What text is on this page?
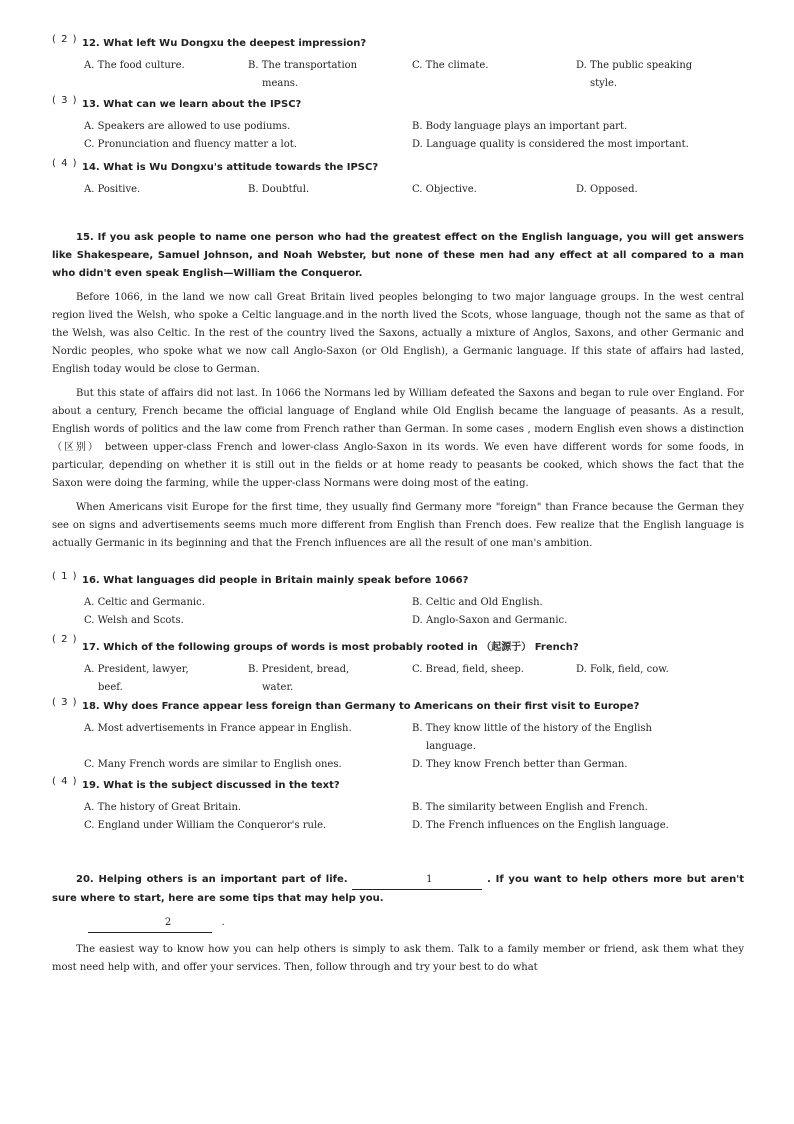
( 2 ) 12. What left Wu Dongxu the deepest impression?

A. The food culture.	B. The transportation
means.
C. The climate.	D. The public speaking
style.

( 3 ) 13. What can we learn about the IPSC?

A. Speakers are allowed to use podiums.	B. Body language plays an important part.
C. Pronunciation and fluency matter a lot.	D. Language quality is considered the most important.

( 4 ) 14. What is Wu Dongxu's attitude towards the IPSC?

A. Positive.	B. Doubtful.	C. Objective.	D. Opposed.

15. If you ask people to name one person who had the greatest effect on the English language, you will get answers like Shakespeare, Samuel Johnson, and Noah Webster, but none of these men had any effect at all compared to a man who didn't even speak English—William the Conqueror.

Before 1066, in the land we now call Great Britain lived peoples belonging to two major language groups. In the west central region lived the Welsh, who spoke a Celtic language.and in the north lived the Scots, whose language, though not the same as that of the Welsh, was also Celtic. In the rest of the country lived the Saxons, actually a mixture of Anglos, Saxons, and other Germanic and Nordic peoples, who spoke what we now call Anglo-Saxon (or Old English), a Germanic language. If this state of affairs had lasted, English today would be close to German.

But this state of affairs did not last. In 1066 the Normans led by William defeated the Saxons and began to rule over England. For about a century, French became the official language of England while Old English became the language of peasants. As a result, English words of politics and the law come from French rather than German. In some cases , modern English even shows a distinction （区别） between upper-class French and lower-class Anglo-Saxon in its words. We even have different words for some foods, in particular, depending on whether it is still out in the fields or at home ready to peasants be cooked, which shows the fact that the Saxon were doing the farming, while the upper-class Normans were doing most of the eating.

When Americans visit Europe for the first time, they usually find Germany more "foreign" than France because the German they see on signs and advertisements seems much more different from English than French does. Few realize that the English language is actually Germanic in its beginning and that the French influences are all the result of one man's ambition.

( 1 ) 16. What languages did people in Britain mainly speak before 1066?

A. Celtic and Germanic.	B. Celtic and Old English.
C. Welsh and Scots.	D. Anglo-Saxon and Germanic.

( 2 )
17. Which of the following groups of words is most probably rooted in （起源于） French?

A. President, lawyer,
beef.
B. President, bread,
water.
C. Bread, field, sheep.	D. Folk, field, cow.

( 3 ) 18. Why does France appear less foreign than Germany to Americans on their first visit to Europe?

A. Most advertisements in France appear in English.	B. They know little of the history of the English
language.
C. Many French words are similar to English ones.	D. They know French better than German.

( 4 ) 19. What is the subject discussed in the text?

A. The history of Great Britain.	B. The similarity between English and French.
C. England under William the Conqueror's rule.	D. The French influences on the English language.

20. Helping others is an important part of life.	1	. If you want to help others more but aren't sure where to start, here are some tips that may help you.

2	.

The easiest way to know how you can help others is simply to ask them. Talk to a family member or friend, ask them what they most need help with, and offer your services. Then, follow through and try your best to do what
